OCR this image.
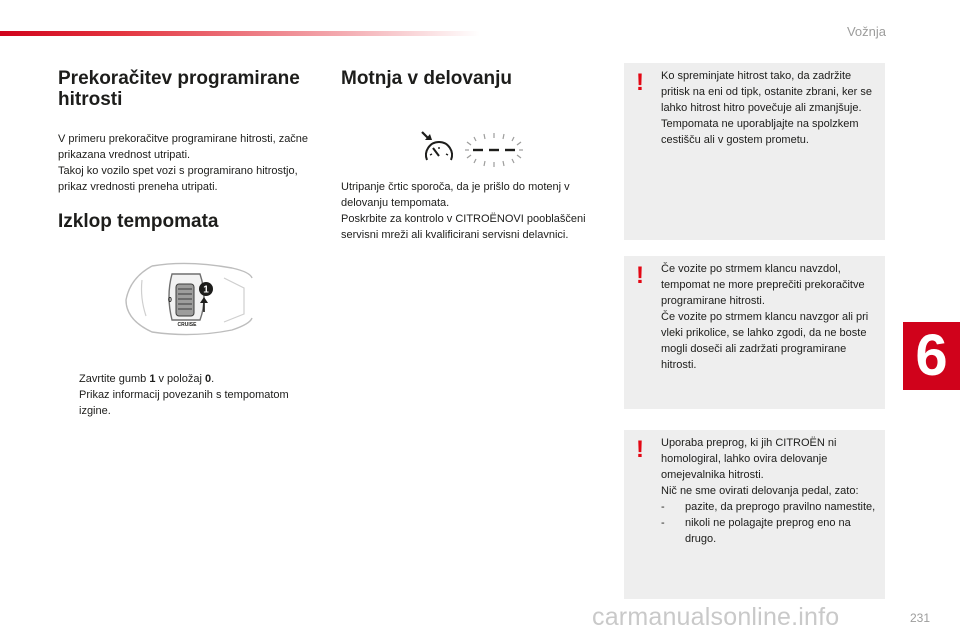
Vožnja
6
231
carmanualsonline.info
Prekoračitev programirane hitrosti

V primeru prekoračitve programirane hitrosti, začne prikazana vrednost utripati.

Takoj ko vozilo spet vozi s programirano hitrostjo, prikaz vrednosti preneha utripati.

Izklop tempomata
1
0
CRUISE
Zavrtite gumb 1 v položaj 0.
Prikaz informacij povezanih s tempomatom izgine.
Motnja v delovanju

Utripanje črtic sporoča, da je prišlo do motenj v delovanju tempomata.

Poskrbite za kontrolo v CITROËNOVI pooblaščeni servisni mreži ali kvalificirani servisni delavnici.

! Ko spreminjate hitrost tako, da zadržite pritisk na eni od tipk, ostanite zbrani, ker se lahko hitrost hitro povečuje ali zmanjšuje.
Tempomata ne uporabljajte na spolzkem cestišču ali v gostem prometu.
! Če vozite po strmem klancu navzdol, tempomat ne more preprečiti prekoračitve programirane hitrosti.
Če vozite po strmem klancu navzgor ali pri vleki prikolice, se lahko zgodi, da ne boste mogli doseči ali zadržati programirane hitrosti.
! Uporaba preprog, ki jih CITROËN ni homologiral, lahko ovira delovanje omejevalnika hitrosti.
Nič ne sme ovirati delovanja pedal, zato:
-	pazite, da preprogo pravilno namestite,
-	nikoli ne polagajte preprog eno na drugo.
